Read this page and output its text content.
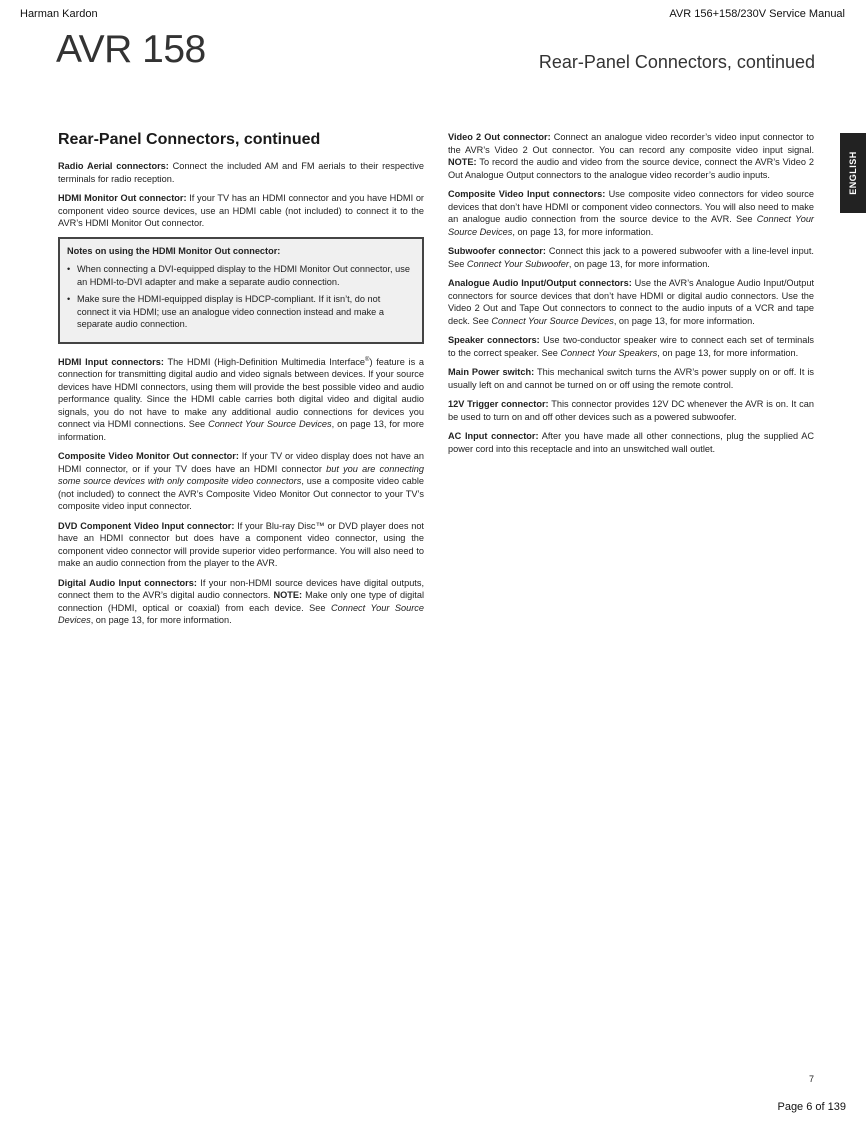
Harman Kardon	AVR 156+158/230V Service Manual
AVR 158	Rear-Panel Connectors, continued
ENGLISH
Rear-Panel Connectors, continued

Radio Aerial connectors: Connect the included AM and FM aerials to their respective terminals for radio reception.

HDMI Monitor Out connector: If your TV has an HDMI connector and you have HDMI or component video source devices, use an HDMI cable (not included) to connect it to the AVR’s HDMI Monitor Out connector.

Notes on using the HDMI Monitor Out connector:
• When connecting a DVI-equipped display to the HDMI Monitor Out connector, use an HDMI-to-DVI adapter and make a separate audio connection.
• Make sure the HDMI-equipped display is HDCP-compliant. If it isn’t, do not connect it via HDMI; use an analogue video connection instead and make a separate audio connection.

HDMI Input connectors: The HDMI (High-Definition Multimedia Interface®) feature is a connection for transmitting digital audio and video signals between devices. If your source devices have HDMI connectors, using them will provide the best possible video and audio performance quality. Since the HDMI cable carries both digital video and digital audio signals, you do not have to make any additional audio connections for devices you connect via HDMI connections. See Connect Your Source Devices, on page 13, for more information.

Composite Video Monitor Out connector: If your TV or video display does not have an HDMI connector, or if your TV does have an HDMI connector but you are connecting some source devices with only composite video connectors, use a composite video cable (not included) to connect the AVR’s Composite Video Monitor Out connector to your TV’s composite video input connector.

DVD Component Video Input connector: If your Blu-ray Disc™ or DVD player does not have an HDMI connector but does have a component video connector, using the component video connector will provide superior video performance. You will also need to make an audio connection from the player to the AVR.

Digital Audio Input connectors: If your non-HDMI source devices have digital outputs, connect them to the AVR’s digital audio connectors. NOTE: Make only one type of digital connection (HDMI, optical or coaxial) from each device. See Connect Your Source Devices, on page 13, for more information.

Video 2 Out connector: Connect an analogue video recorder’s video input connector to the AVR’s Video 2 Out connector. You can record any composite video input signal. NOTE: To record the audio and video from the source device, connect the AVR’s Video 2 Out Analogue Output connectors to the analogue video recorder’s audio inputs.

Composite Video Input connectors: Use composite video connectors for video source devices that don’t have HDMI or component video connectors. You will also need to make an analogue audio connection from the source device to the AVR. See Connect Your Source Devices, on page 13, for more information.

Subwoofer connector: Connect this jack to a powered subwoofer with a line-level input. See Connect Your Subwoofer, on page 13, for more information.

Analogue Audio Input/Output connectors: Use the AVR’s Analogue Audio Input/Output connectors for source devices that don’t have HDMI or digital audio connectors. Use the Video 2 Out and Tape Out connectors to connect to the audio inputs of a VCR and tape deck. See Connect Your Source Devices, on page 13, for more information.

Speaker connectors: Use two-conductor speaker wire to connect each set of terminals to the correct speaker. See Connect Your Speakers, on page 13, for more information.

Main Power switch: This mechanical switch turns the AVR’s power supply on or off. It is usually left on and cannot be turned on or off using the remote control.

12V Trigger connector: This connector provides 12V DC whenever the AVR is on. It can be used to turn on and off other devices such as a powered subwoofer.

AC Input connector: After you have made all other connections, plug the supplied AC power cord into this receptacle and into an unswitched wall outlet.

7
Page 6 of 139
